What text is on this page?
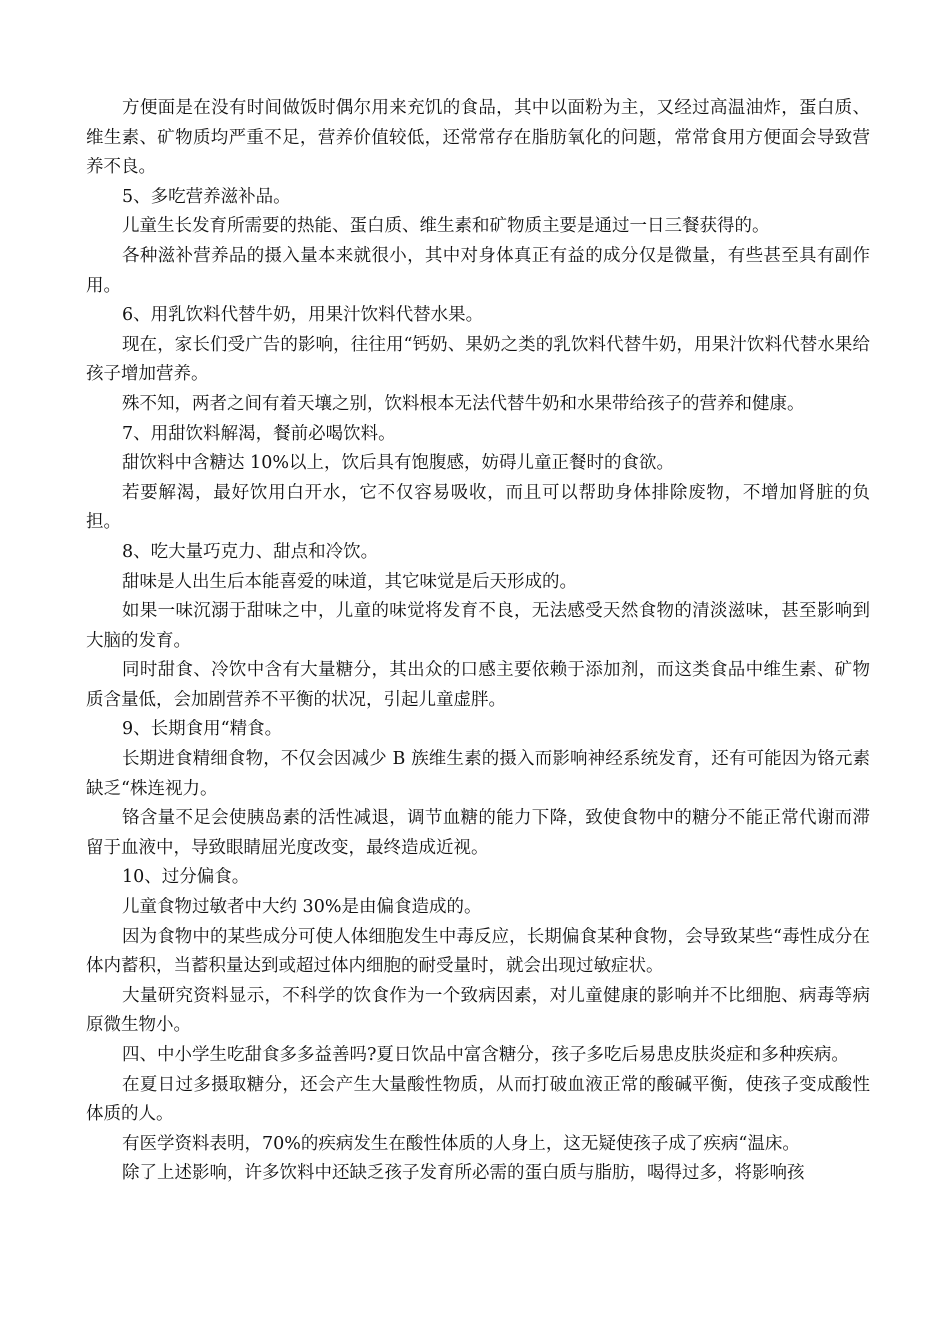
方便面是在没有时间做饭时偶尔用来充饥的食品，其中以面粉为主，又经过高温油炸，蛋白质、维生素、矿物质均严重不足，营养价值较低，还常常存在脂肪氧化的问题，常常食用方便面会导致营养不良。

5、多吃营养滋补品。

儿童生长发育所需要的热能、蛋白质、维生素和矿物质主要是通过一日三餐获得的。

各种滋补营养品的摄入量本来就很小，其中对身体真正有益的成分仅是微量，有些甚至具有副作用。

6、用乳饮料代替牛奶，用果汁饮料代替水果。

现在，家长们受广告的影响，往往用“钙奶、果奶之类的乳饮料代替牛奶，用果汁饮料代替水果给孩子增加营养。

殊不知，两者之间有着天壤之别，饮料根本无法代替牛奶和水果带给孩子的营养和健康。

7、用甜饮料解渴，餐前必喝饮料。

甜饮料中含糖达 10%以上，饮后具有饱腹感，妨碍儿童正餐时的食欲。

若要解渴，最好饮用白开水，它不仅容易吸收，而且可以帮助身体排除废物，不增加肾脏的负担。

8、吃大量巧克力、甜点和冷饮。

甜味是人出生后本能喜爱的味道，其它味觉是后天形成的。

如果一味沉溺于甜味之中，儿童的味觉将发育不良，无法感受天然食物的清淡滋味，甚至影响到大脑的发育。

同时甜食、冷饮中含有大量糖分，其出众的口感主要依赖于添加剂，而这类食品中维生素、矿物质含量低，会加剧营养不平衡的状况，引起儿童虚胖。

9、长期食用“精食。

长期进食精细食物，不仅会因减少 B 族维生素的摄入而影响神经系统发育，还有可能因为铬元素缺乏“株连视力。

铬含量不足会使胰岛素的活性减退，调节血糖的能力下降，致使食物中的糖分不能正常代谢而滞留于血液中，导致眼睛屈光度改变，最终造成近视。

10、过分偏食。

儿童食物过敏者中大约 30%是由偏食造成的。

因为食物中的某些成分可使人体细胞发生中毒反应，长期偏食某种食物，会导致某些“毒性成分在体内蓄积，当蓄积量达到或超过体内细胞的耐受量时，就会出现过敏症状。

大量研究资料显示，不科学的饮食作为一个致病因素，对儿童健康的影响并不比细胞、病毒等病原微生物小。

四、中小学生吃甜食多多益善吗?夏日饮品中富含糖分，孩子多吃后易患皮肤炎症和多种疾病。

在夏日过多摄取糖分，还会产生大量酸性物质，从而打破血液正常的酸碱平衡，使孩子变成酸性体质的人。

有医学资料表明，70%的疾病发生在酸性体质的人身上，这无疑使孩子成了疾病“温床。

除了上述影响，许多饮料中还缺乏孩子发育所必需的蛋白质与脂肪，喝得过多，将影响孩
